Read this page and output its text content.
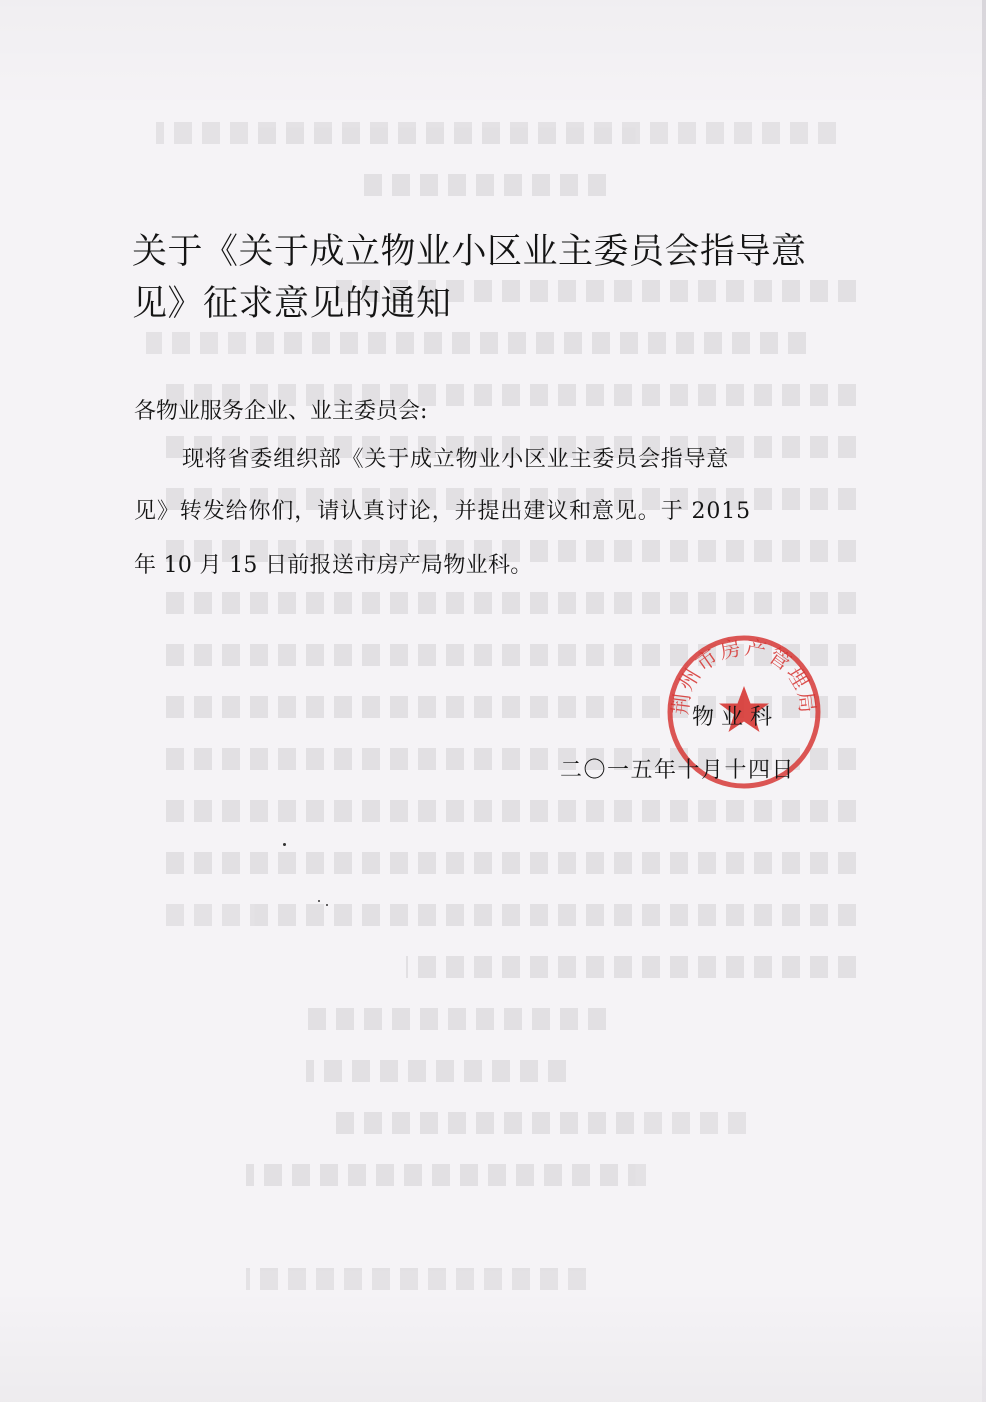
关于《关于成立物业小区业主委员会指导意见》征求意见的通知

各物业服务企业、业主委员会:

现将省委组织部《关于成立物业小区业主委员会指导意

见》转发给你们，请认真讨论，并提出建议和意见。于 2015

年 10 月 15 日前报送市房产局物业科。

荆州市房产管理局

物业科

二〇一五年十月十四日
